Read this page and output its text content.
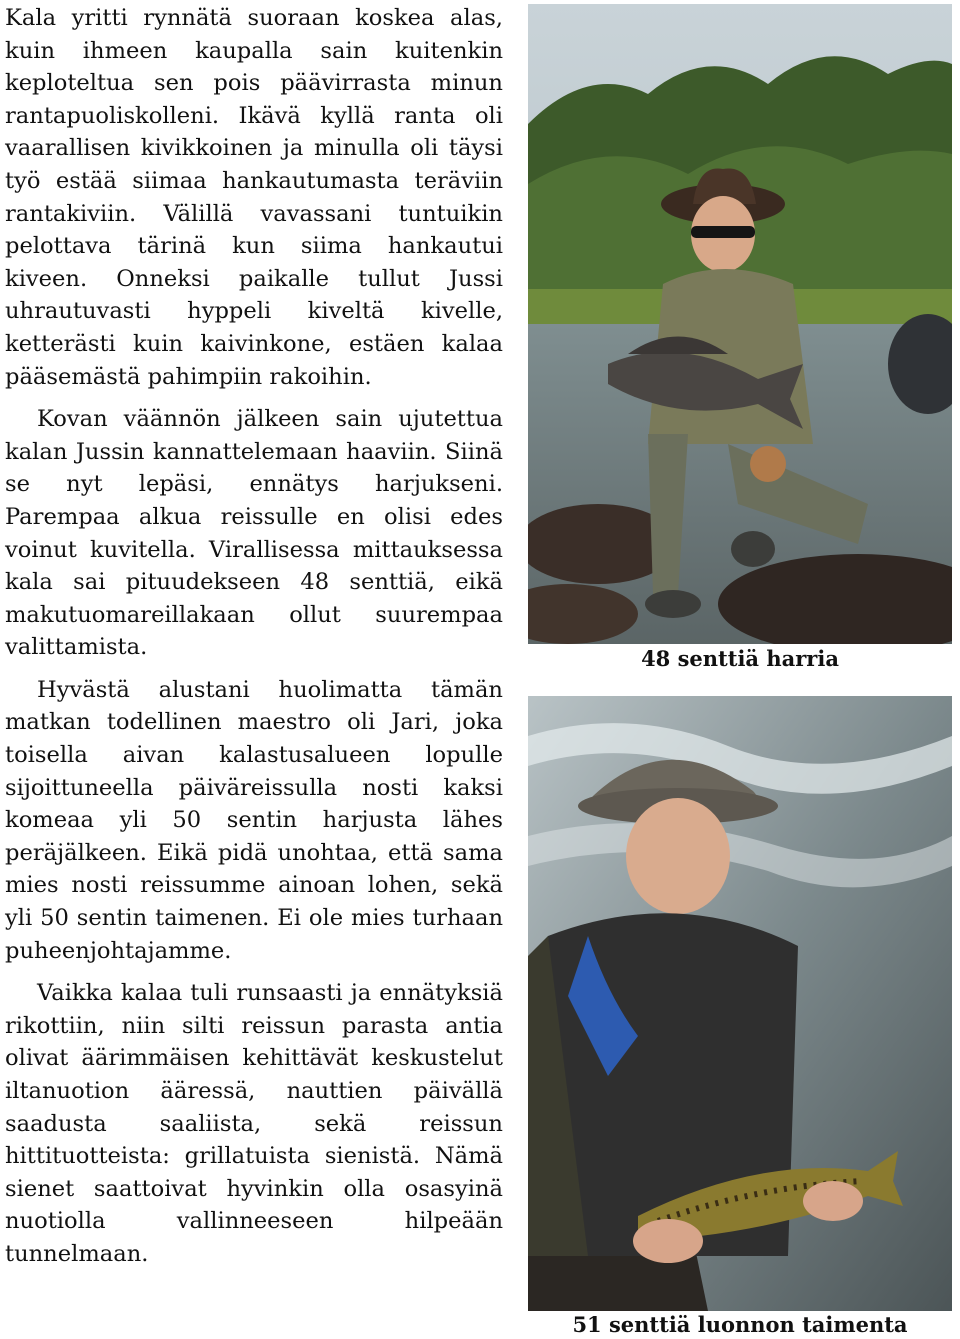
Kala yritti rynnätä suoraan koskea alas, kuin ihmeen kaupalla sain kuitenkin keploteltua sen pois päävirrasta minun rantapuoliskolleni. Ikävä kyllä ranta oli vaarallisen kivikkoinen ja minulla oli täysi työ estää siimaa hankautumasta teräviin rantakiviin. Välillä vavassani tuntuikin pelottava tärinä kun siima hankautui kiveen. Onneksi paikalle tullut Jussi uhrautuvasti hyppeli kiveltä kivelle, ketterästi kuin kaivinkone, estäen kalaa pääsemästä pahimpiin rakoihin.

Kovan väännön jälkeen sain ujutettua kalan Jussin kannattelemaan haaviin. Siinä se nyt lepäsi, ennätys harjukseni. Parempaa alkua reissulle en olisi edes voinut kuvitella. Virallisessa mittauksessa kala sai pituudekseen 48 senttiä, eikä makutuomareillakaan ollut suurempaa valittamista.

Hyvästä alustani huolimatta tämän matkan todellinen maestro oli Jari, joka toisella aivan kalastusalueen lopulle sijoittuneella päiväreissulla nosti kaksi komeaa yli 50 sentin harjusta lähes peräjälkeen. Eikä pidä unohtaa, että sama mies nosti reissumme ainoan lohen, sekä yli 50 sentin taimenen. Ei ole mies turhaan puheenjohtajamme.

Vaikka kalaa tuli runsaasti ja ennätyksiä rikottiin, niin silti reissun parasta antia olivat äärimmäisen kehittävät keskustelut iltanuotion ääressä, nauttien päivällä saadusta saaliista, sekä reissun hittituotteista: grillatuista sienistä. Nämä sienet saattoivat hyvinkin olla osasyinä nuotiolla vallinneeseen hilpeään tunnelmaan.

48 senttiä harria
51 senttiä luonnon taimenta
